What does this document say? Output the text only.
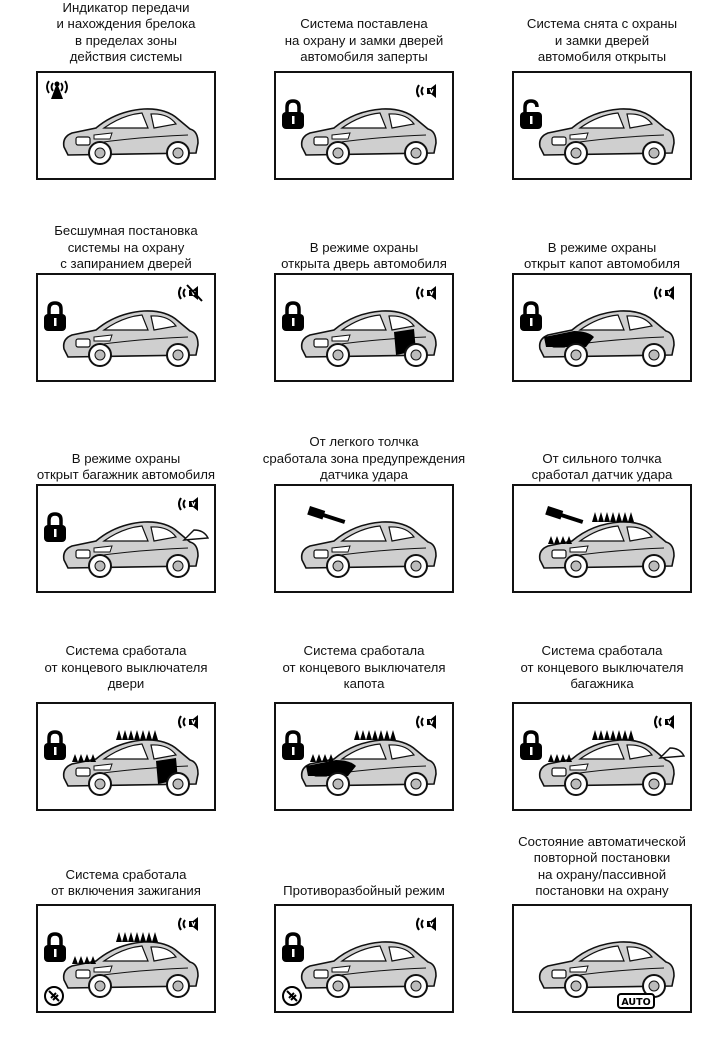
Индикатор передачи
и нахождения брелока
в пределах зоны
действия системы
Система поставлена
на охрану и замки дверей
автомобиля заперты
Система снята с охраны
и замки дверей
автомобиля открыты
Бесшумная постановка
системы на охрану
с запиранием дверей
В режиме охраны
открыта дверь автомобиля
В режиме охраны
открыт капот автомобиля
В режиме охраны
открыт багажник автомобиля
От легкого толчка
сработала зона предупреждения
датчика удара
От сильного толчка
сработал датчик удара
Система сработала
от концевого выключателя
двери
Система сработала
от концевого выключателя
капота
Система сработала
от концевого выключателя
багажника
Система сработала
от включения зажигания	Противоразбойный режим
Состояние автоматической
повторной постановки
на охрану/пассивной
постановки на охрану
AUTO
